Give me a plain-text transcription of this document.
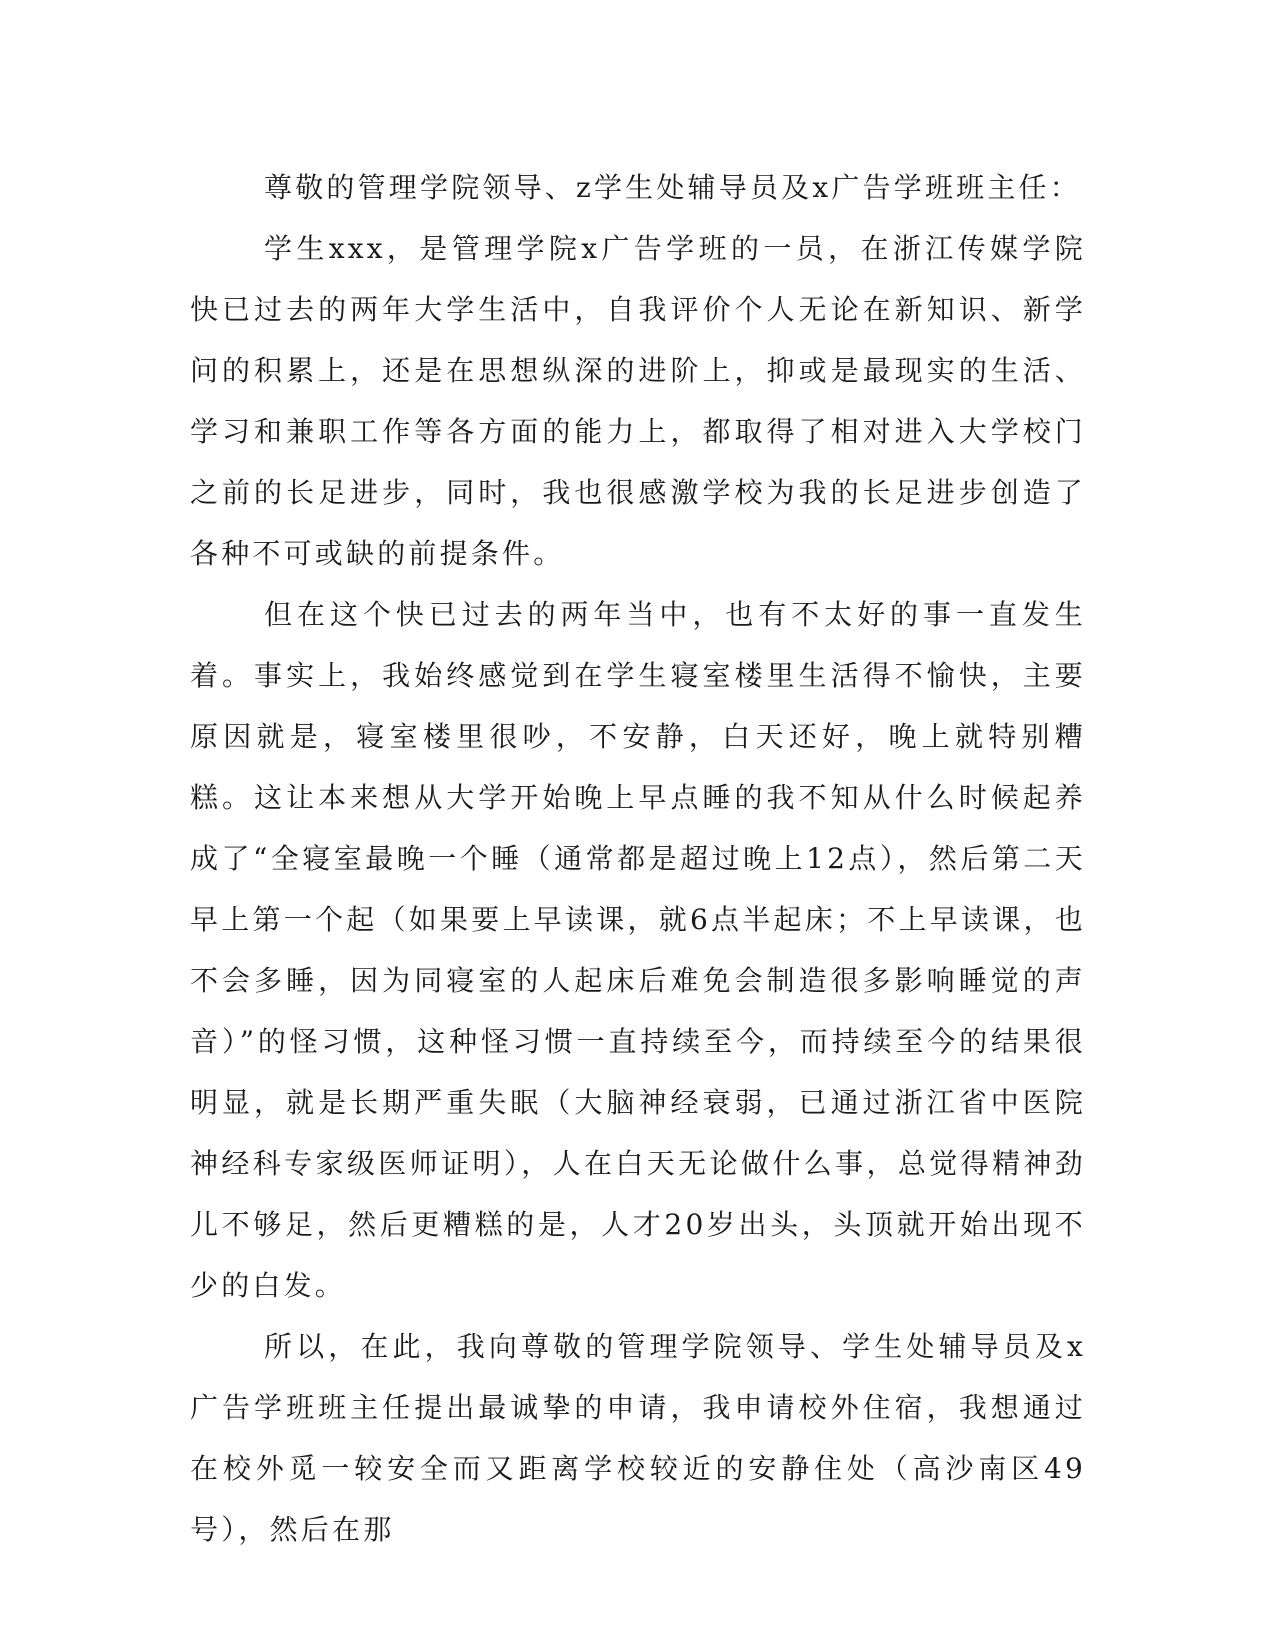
尊敬的管理学院领导、z学生处辅导员及x广告学班班主任：

学生xxx，是管理学院x广告学班的一员，在浙江传媒学院快已过去的两年大学生活中，自我评价个人无论在新知识、新学问的积累上，还是在思想纵深的进阶上，抑或是最现实的生活、学习和兼职工作等各方面的能力上，都取得了相对进入大学校门之前的长足进步，同时，我也很感激学校为我的长足进步创造了各种不可或缺的前提条件。

但在这个快已过去的两年当中，也有不太好的事一直发生着。事实上，我始终感觉到在学生寝室楼里生活得不愉快，主要原因就是，寝室楼里很吵，不安静，白天还好，晚上就特别糟糕。这让本来想从大学开始晚上早点睡的我不知从什么时候起养成了“全寝室最晚一个睡（通常都是超过晚上12点），然后第二天早上第一个起（如果要上早读课，就6点半起床；不上早读课，也不会多睡，因为同寝室的人起床后难免会制造很多影响睡觉的声音）”的怪习惯，这种怪习惯一直持续至今，而持续至今的结果很明显，就是长期严重失眠（大脑神经衰弱，已通过浙江省中医院神经科专家级医师证明），人在白天无论做什么事，总觉得精神劲儿不够足，然后更糟糕的是，人才20岁出头，头顶就开始出现不少的白发。

所以，在此，我向尊敬的管理学院领导、学生处辅导员及x广告学班班主任提出最诚挚的申请，我申请校外住宿，我想通过在校外觅一较安全而又距离学校较近的安静住处（高沙南区49号），然后在那
